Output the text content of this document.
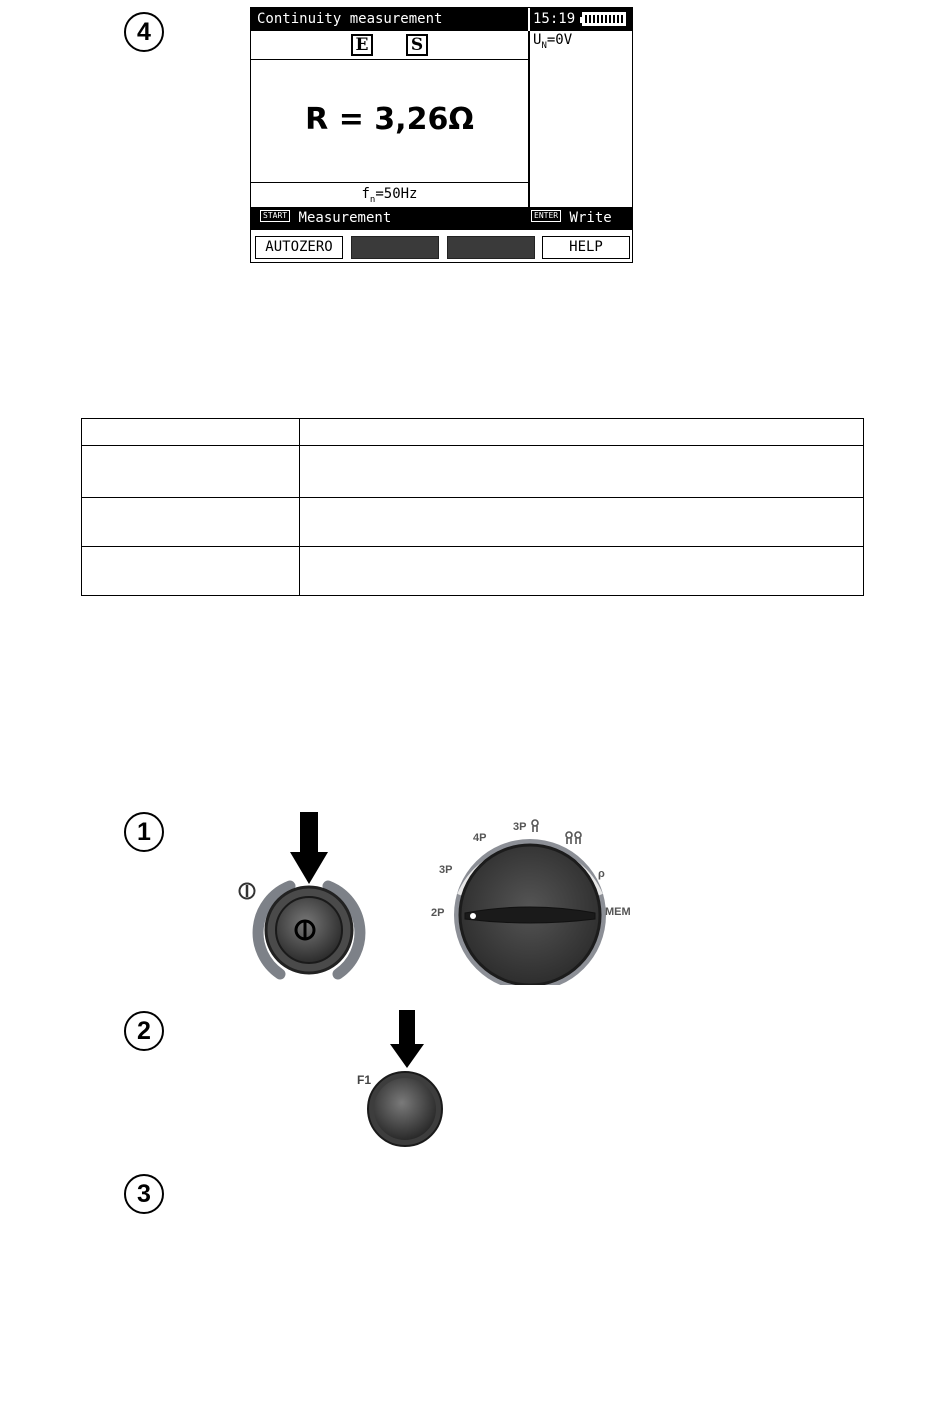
4	Continuity measurement	15:19
$U_N=0V$
E S
R = 3,26Ω
$f_n=50Hz$
START Measurement	ENTER Write
AUTOZERO	HELP
1	4P
3P
3P
2P
ρ
MEM
2
F1
3
